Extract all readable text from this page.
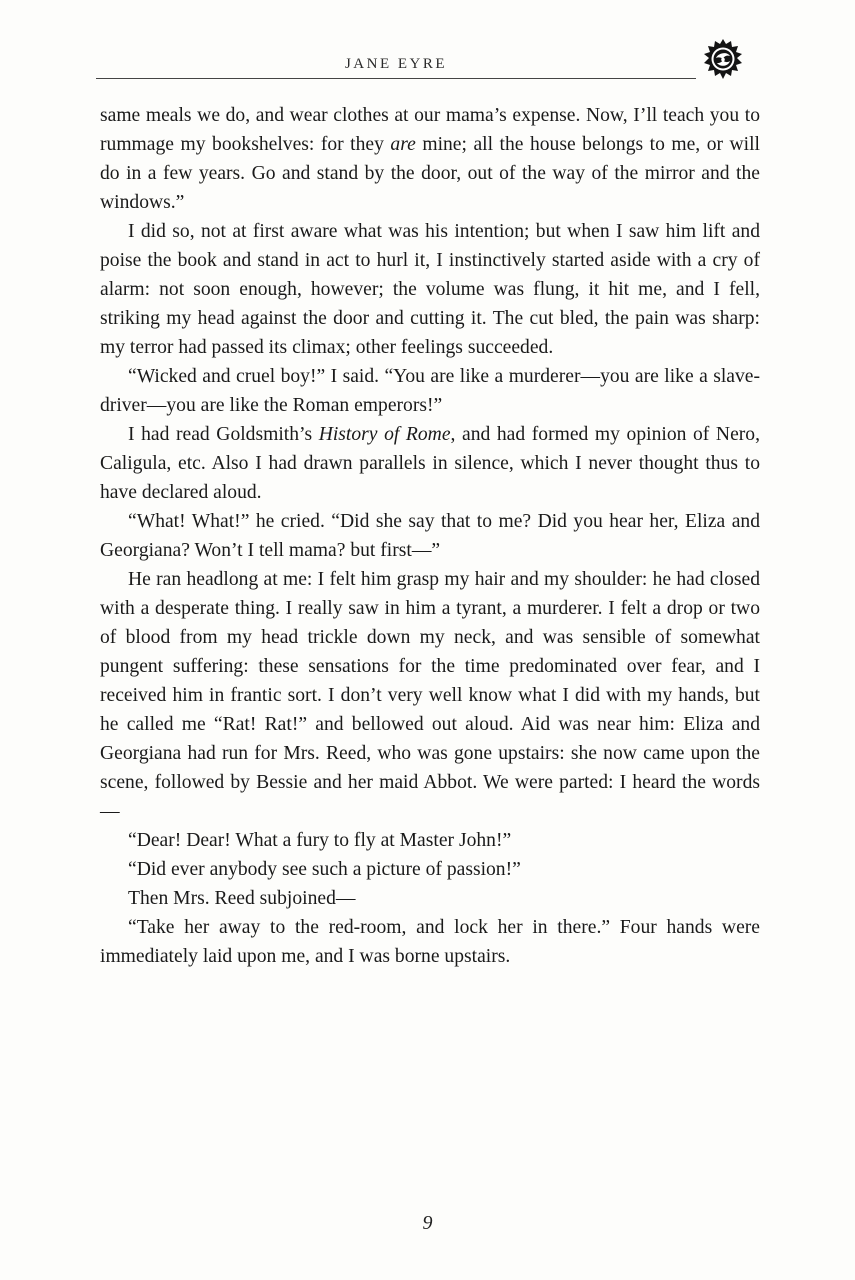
JANE EYRE

same meals we do, and wear clothes at our mama’s expense. Now, I’ll teach you to rummage my bookshelves: for they are mine; all the house belongs to me, or will do in a few years. Go and stand by the door, out of the way of the mirror and the windows.”

I did so, not at first aware what was his intention; but when I saw him lift and poise the book and stand in act to hurl it, I instinctively started aside with a cry of alarm: not soon enough, however; the volume was flung, it hit me, and I fell, striking my head against the door and cutting it. The cut bled, the pain was sharp: my terror had passed its climax; other feelings succeeded.

“Wicked and cruel boy!” I said. “You are like a murderer—you are like a slave-driver—you are like the Roman emperors!”

I had read Goldsmith’s History of Rome, and had formed my opinion of Nero, Caligula, etc. Also I had drawn parallels in silence, which I never thought thus to have declared aloud.

“What! What!” he cried. “Did she say that to me? Did you hear her, Eliza and Georgiana? Won’t I tell mama? but first—”

He ran headlong at me: I felt him grasp my hair and my shoulder: he had closed with a desperate thing. I really saw in him a tyrant, a murderer. I felt a drop or two of blood from my head trickle down my neck, and was sensible of somewhat pungent suffering: these sensations for the time predominated over fear, and I received him in frantic sort. I don’t very well know what I did with my hands, but he called me “Rat! Rat!” and bellowed out aloud. Aid was near him: Eliza and Georgiana had run for Mrs. Reed, who was gone upstairs: she now came upon the scene, followed by Bessie and her maid Abbot. We were parted: I heard the words—

“Dear! Dear! What a fury to fly at Master John!”

“Did ever anybody see such a picture of passion!”

Then Mrs. Reed subjoined—

“Take her away to the red-room, and lock her in there.” Four hands were immediately laid upon me, and I was borne upstairs.

9
